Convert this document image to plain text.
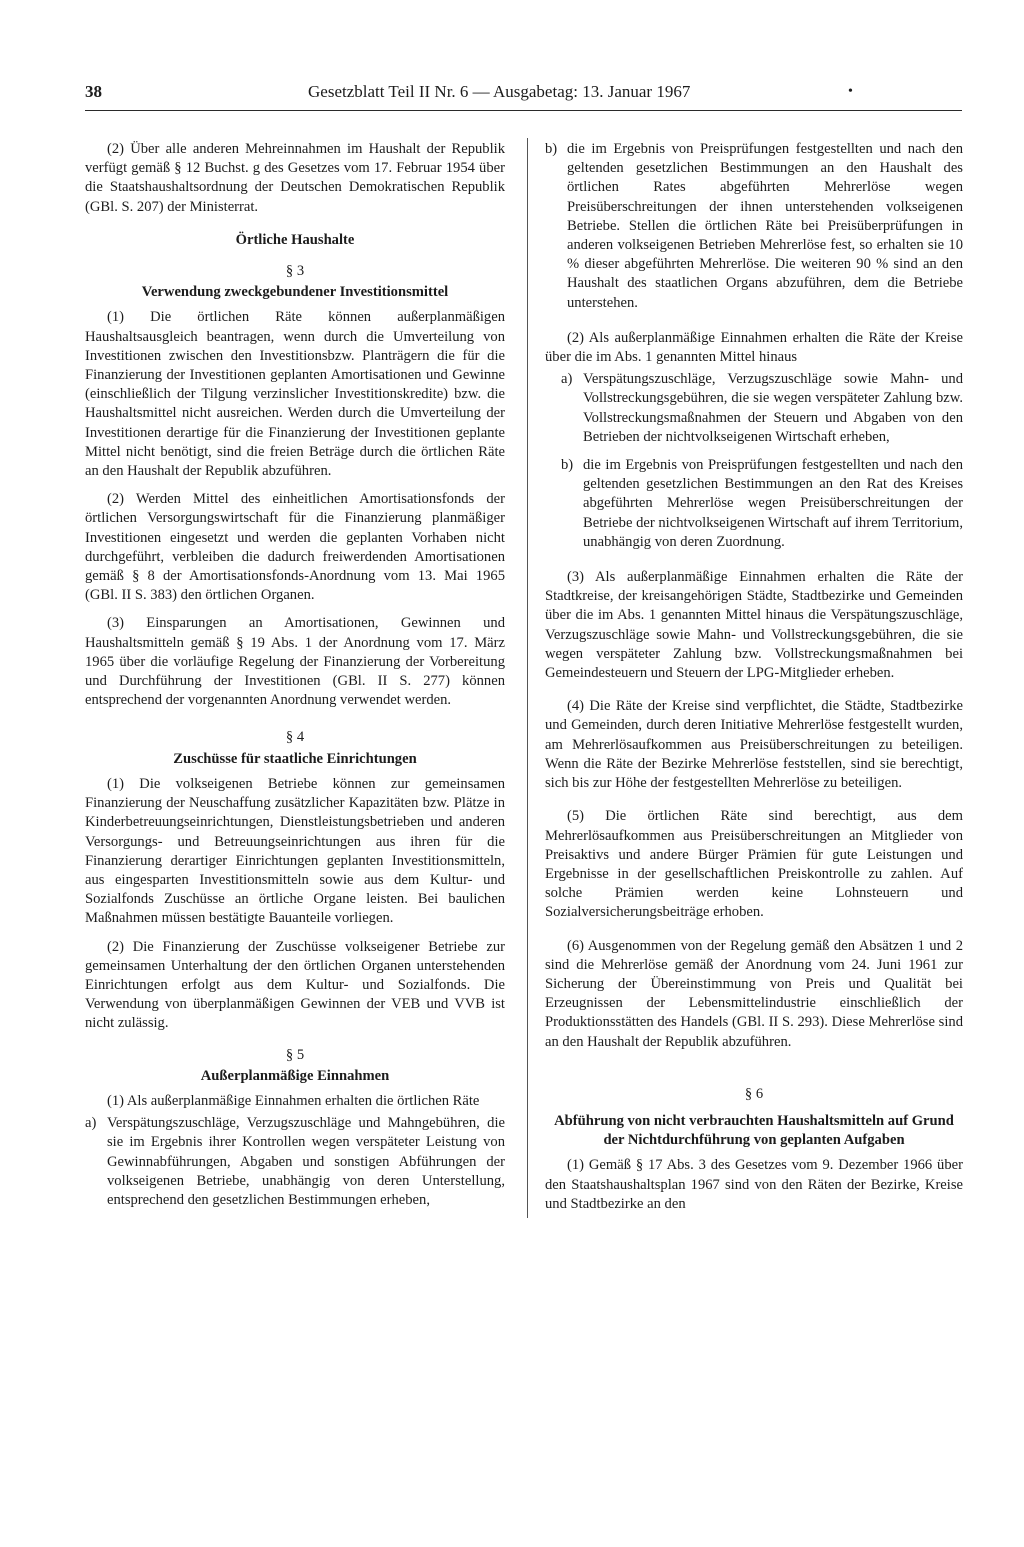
38	Gesetzblatt Teil II Nr. 6 — Ausgabetag: 13. Januar 1967	•

(2) Über alle anderen Mehreinnahmen im Haushalt der Republik verfügt gemäß § 12 Buchst. g des Gesetzes vom 17. Februar 1954 über die Staatshaushaltsordnung der Deutschen Demokratischen Republik (GBl. S. 207) der Ministerrat.

Örtliche Haushalte
§ 3
Verwendung zweckgebundener Investitionsmittel

(1) Die örtlichen Räte können außerplanmäßigen Haushaltsausgleich beantragen, wenn durch die Umverteilung von Investitionen zwischen den Investitionsbzw. Planträgern die für die Finanzierung der Investitionen geplanten Amortisationen und Gewinne (einschließlich der Tilgung verzinslicher Investitionskredite) bzw. die Haushaltsmittel nicht ausreichen. Werden durch die Umverteilung der Investitionen derartige für die Finanzierung der Investitionen geplante Mittel nicht benötigt, sind die freien Beträge durch die örtlichen Räte an den Haushalt der Republik abzuführen.

(2) Werden Mittel des einheitlichen Amortisationsfonds der örtlichen Versorgungswirtschaft für die Finanzierung planmäßiger Investitionen eingesetzt und werden die geplanten Vorhaben nicht durchgeführt, verbleiben die dadurch freiwerdenden Amortisationen gemäß § 8 der Amortisationsfonds-Anordnung vom 13. Mai 1965 (GBl. II S. 383) den örtlichen Organen.

(3) Einsparungen an Amortisationen, Gewinnen und Haushaltsmitteln gemäß § 19 Abs. 1 der Anordnung vom 17. März 1965 über die vorläufige Regelung der Finanzierung der Vorbereitung und Durchführung der Investitionen (GBl. II S. 277) können entsprechend der vorgenannten Anordnung verwendet werden.

§ 4
Zuschüsse für staatliche Einrichtungen

(1) Die volkseigenen Betriebe können zur gemeinsamen Finanzierung der Neuschaffung zusätzlicher Kapazitäten bzw. Plätze in Kinderbetreuungseinrichtungen, Dienstleistungsbetrieben und anderen Versorgungs- und Betreuungseinrichtungen aus ihren für die Finanzierung derartiger Einrichtungen geplanten Investitionsmitteln, aus eingesparten Investitionsmitteln sowie aus dem Kultur- und Sozialfonds Zuschüsse an örtliche Organe leisten. Bei baulichen Maßnahmen müssen bestätigte Bauanteile vorliegen.

(2) Die Finanzierung der Zuschüsse volkseigener Betriebe zur gemeinsamen Unterhaltung der den örtlichen Organen unterstehenden Einrichtungen erfolgt aus dem Kultur- und Sozialfonds. Die Verwendung von überplanmäßigen Gewinnen der VEB und VVB ist nicht zulässig.

§ 5
Außerplanmäßige Einnahmen

(1) Als außerplanmäßige Einnahmen erhalten die örtlichen Räte

a) Verspätungszuschläge, Verzugszuschläge und Mahngebühren, die sie im Ergebnis ihrer Kontrollen wegen verspäteter Leistung von Gewinnabführungen, Abgaben und sonstigen Abführungen der volkseigenen Betriebe, unabhängig von deren Unterstellung, entsprechend den gesetzlichen Bestimmungen erheben,
b) die im Ergebnis von Preisprüfungen festgestellten und nach den geltenden gesetzlichen Bestimmungen an den Haushalt des örtlichen Rates abgeführten Mehrerlöse wegen Preisüberschreitungen der ihnen unterstehenden volkseigenen Betriebe. Stellen die örtlichen Räte bei Preisüberprüfungen in anderen volkseigenen Betrieben Mehrerlöse fest, so erhalten sie 10 % dieser abgeführten Mehrerlöse. Die weiteren 90 % sind an den Haushalt des staatlichen Organs abzuführen, dem die Betriebe unterstehen.

(2) Als außerplanmäßige Einnahmen erhalten die Räte der Kreise über die im Abs. 1 genannten Mittel hinaus

a) Verspätungszuschläge, Verzugszuschläge sowie Mahn- und Vollstreckungsgebühren, die sie wegen verspäteter Zahlung bzw. Vollstreckungsmaßnahmen der Steuern und Abgaben von den Betrieben der nichtvolkseigenen Wirtschaft erheben,
b) die im Ergebnis von Preisprüfungen festgestellten und nach den geltenden gesetzlichen Bestimmungen an den Rat des Kreises abgeführten Mehrerlöse wegen Preisüberschreitungen der Betriebe der nichtvolkseigenen Wirtschaft auf ihrem Territorium, unabhängig von deren Zuordnung.

(3) Als außerplanmäßige Einnahmen erhalten die Räte der Stadtkreise, der kreisangehörigen Städte, Stadtbezirke und Gemeinden über die im Abs. 1 genannten Mittel hinaus die Verspätungszuschläge, Verzugszuschläge sowie Mahn- und Vollstreckungsgebühren, die sie wegen verspäteter Zahlung bzw. Vollstreckungsmaßnahmen bei Gemeindesteuern und Steuern der LPG-Mitglieder erheben.

(4) Die Räte der Kreise sind verpflichtet, die Städte, Stadtbezirke und Gemeinden, durch deren Initiative Mehrerlöse festgestellt wurden, am Mehrerlösaufkommen aus Preisüberschreitungen zu beteiligen. Wenn die Räte der Bezirke Mehrerlöse feststellen, sind sie berechtigt, sich bis zur Höhe der festgestellten Mehrerlöse zu beteiligen.

(5) Die örtlichen Räte sind berechtigt, aus dem Mehrerlösaufkommen aus Preisüberschreitungen an Mitglieder von Preisaktivs und andere Bürger Prämien für gute Leistungen und Ergebnisse in der gesellschaftlichen Preiskontrolle zu zahlen. Auf solche Prämien werden keine Lohnsteuern und Sozialversicherungsbeiträge erhoben.

(6) Ausgenommen von der Regelung gemäß den Absätzen 1 und 2 sind die Mehrerlöse gemäß der Anordnung vom 24. Juni 1961 zur Sicherung der Übereinstimmung von Preis und Qualität bei Erzeugnissen der Lebensmittelindustrie einschließlich der Produktionsstätten des Handels (GBl. II S. 293). Diese Mehrerlöse sind an den Haushalt der Republik abzuführen.

§ 6
Abführung von nicht verbrauchten Haushaltsmitteln auf Grund der Nichtdurchführung von geplanten Aufgaben

(1) Gemäß § 17 Abs. 3 des Gesetzes vom 9. Dezember 1966 über den Staatshaushaltsplan 1967 sind von den Räten der Bezirke, Kreise und Stadtbezirke an den
